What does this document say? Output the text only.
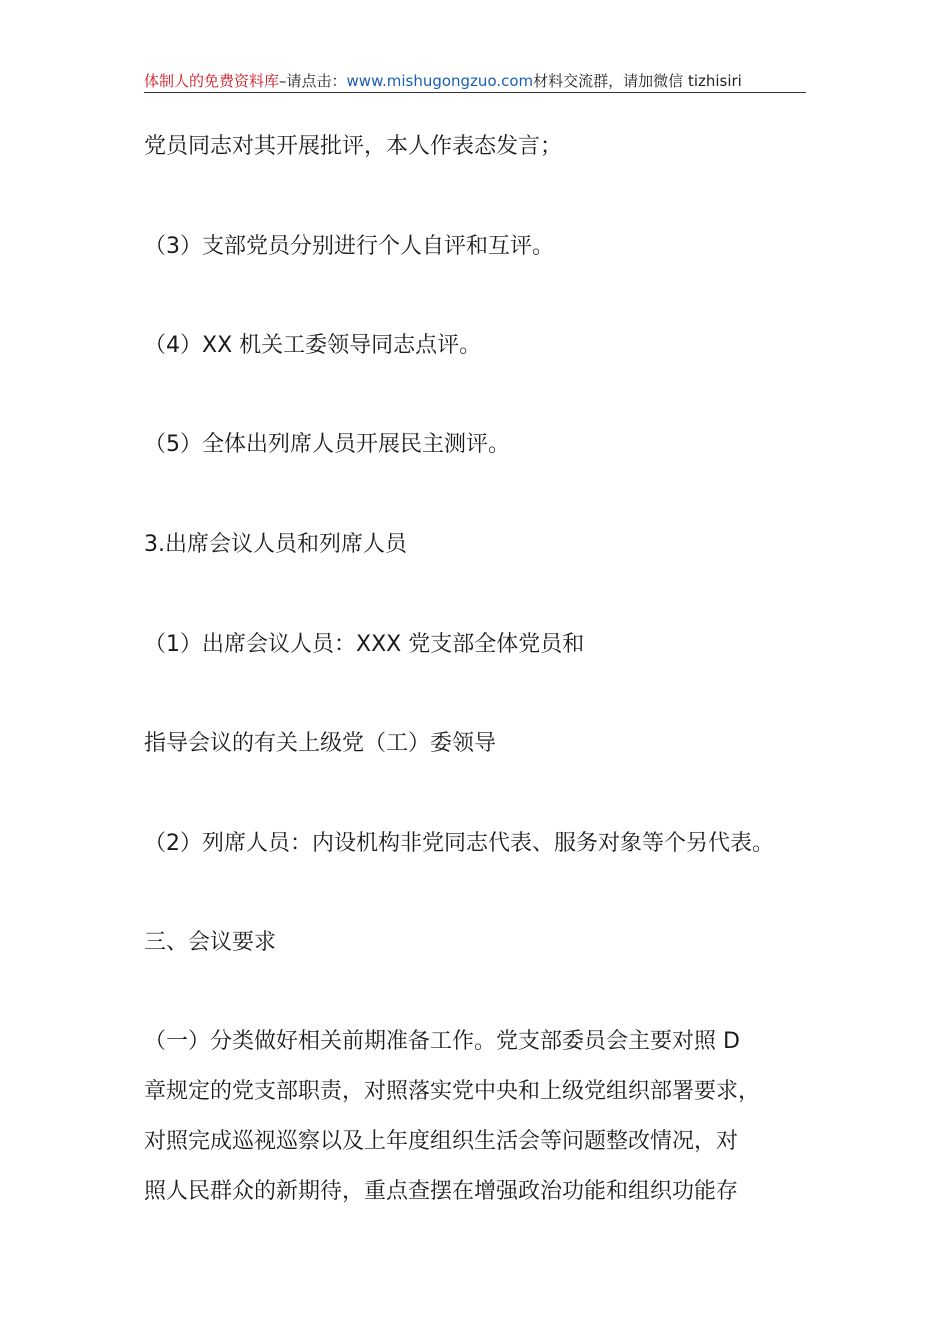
体制人的免费资料库–请点击：www.mishugongzuo.com材料交流群，请加微信 tizhisiri
党员同志对其开展批评，本人作表态发言；
（3）支部党员分别进行个人自评和互评。
（4）XX 机关工委领导同志点评。
（5）全体出列席人员开展民主测评。
3.出席会议人员和列席人员
（1）出席会议人员：XXX 党支部全体党员和
指导会议的有关上级党（工）委领导
（2）列席人员：内设机构非党同志代表、服务对象等个另代表。
三、会议要求
（一）分类做好相关前期准备工作。党支部委员会主要对照 D
章规定的党支部职责，对照落实党中央和上级党组织部署要求，
对照完成巡视巡察以及上年度组织生活会等问题整改情况，对
照人民群众的新期待，重点查摆在增强政治功能和组织功能存
